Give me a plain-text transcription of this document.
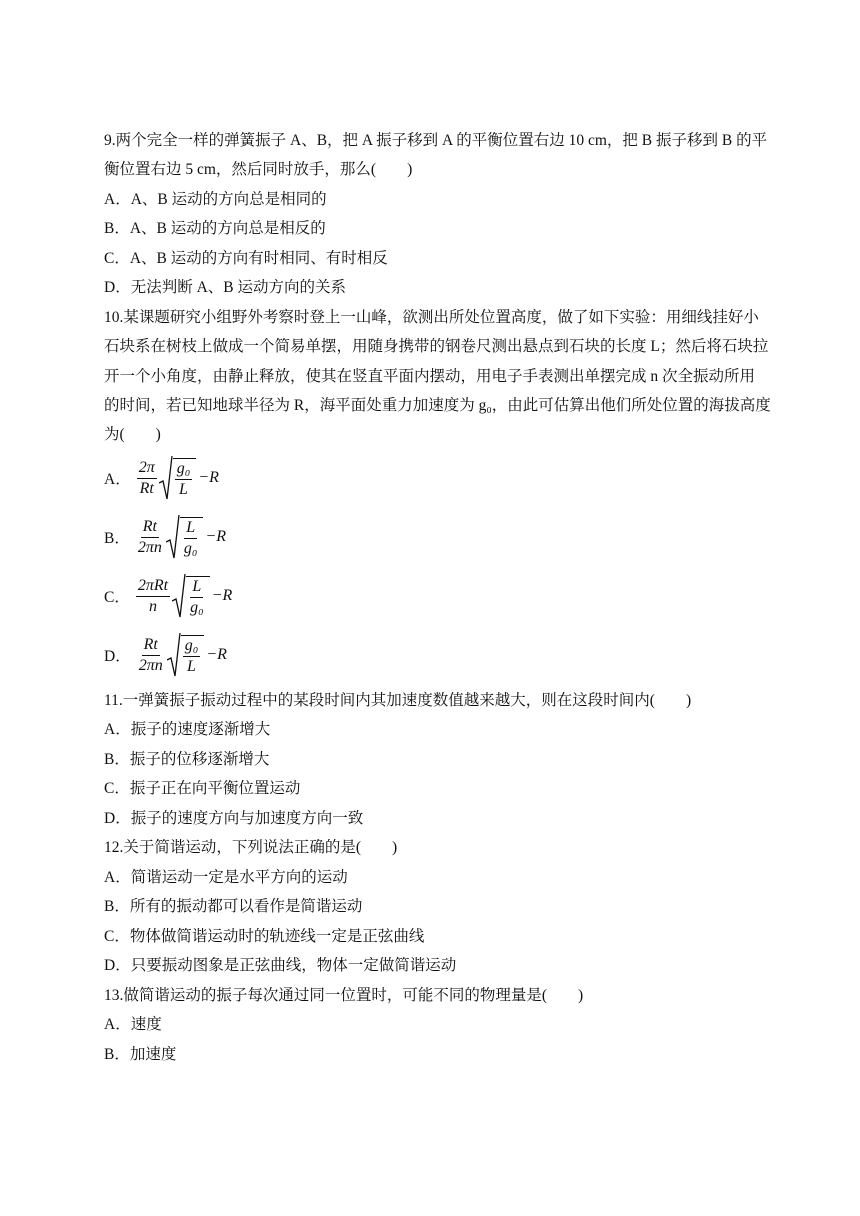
9.两个完全一样的弹簧振子 A、B，把 A 振子移到 A 的平衡位置右边 10 cm，把 B 振子移到 B 的平
衡位置右边 5 cm，然后同时放手，那么(　　)
A．A、B 运动的方向总是相同的
B．A、B 运动的方向总是相反的
C．A、B 运动的方向有时相同、有时相反
D．无法判断 A、B 运动方向的关系
10.某课题研究小组野外考察时登上一山峰，欲测出所处位置高度，做了如下实验：用细线挂好小
石块系在树枝上做成一个简易单摆，用随身携带的钢卷尺测出悬点到石块的长度 L；然后将石块拉
开一个小角度，由静止释放，使其在竖直平面内摆动，用电子手表测出单摆完成 n 次全振动所用
的时间，若已知地球半径为 R，海平面处重力加速度为 g₀，由此可估算出他们所处位置的海拔高度
为(　　)
A． $\frac{2\pi}{Rt} \frac{\text{g₀}}{L} -R$
B． $\frac{Rt}{2\pi n} \frac{L}{\text{g₀}} -R$
C． $\frac{\text{2πRt}}{n} \frac{L}{\text{g₀}} -R$
D． $\frac{Rt}{2\pi n} \frac{\text{g₀}}{L} -R$
11.一弹簧振子振动过程中的某段时间内其加速度数值越来越大，则在这段时间内(　　)
A．振子的速度逐渐增大
B．振子的位移逐渐增大
C．振子正在向平衡位置运动
D．振子的速度方向与加速度方向一致
12.关于简谐运动，下列说法正确的是(　　)
A．简谐运动一定是水平方向的运动
B．所有的振动都可以看作是简谐运动
C．物体做简谐运动时的轨迹线一定是正弦曲线
D．只要振动图象是正弦曲线，物体一定做简谐运动
13.做简谐运动的振子每次通过同一位置时，可能不同的物理量是(　　)
A．速度
B．加速度
